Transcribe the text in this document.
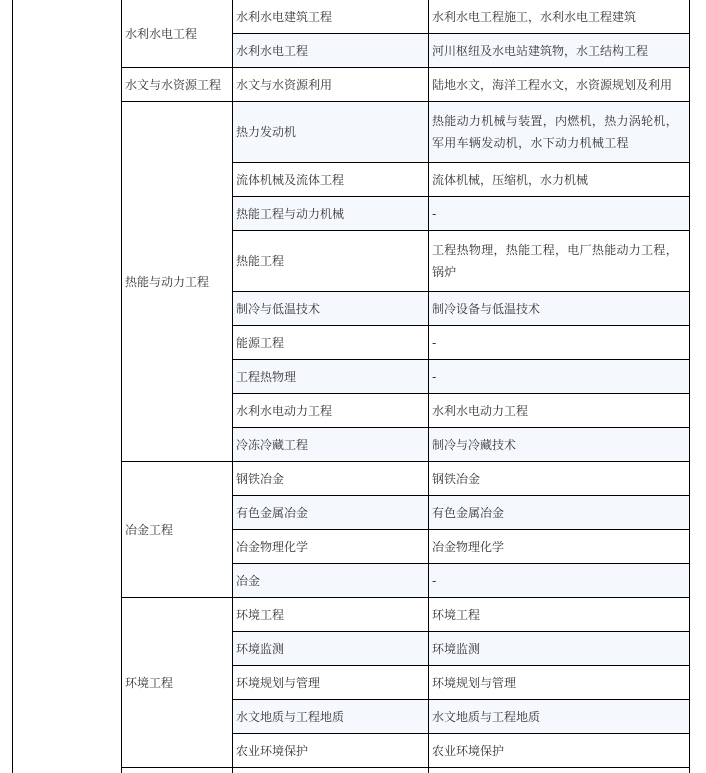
水利水电工程	水利水电建筑工程	水利水电工程施工，水利水电工程建筑
	水利水电工程	河川枢纽及水电站建筑物，水工结构工程
水文与水资源工程	水文与水资源利用	陆地水文，海洋工程水文，水资源规划及利用
热能与动力工程	热力发动机	热能动力机械与装置，内燃机，热力涡轮机，军用车辆发动机，水下动力机械工程
	流体机械及流体工程	流体机械，压缩机，水力机械
	热能工程与动力机械	-
	热能工程	工程热物理，热能工程，电厂热能动力工程，锅炉
	制冷与低温技术	制冷设备与低温技术
	能源工程	-
	工程热物理	-
	水利水电动力工程	水利水电动力工程
	冷冻冷藏工程	制冷与冷藏技术
冶金工程	钢铁冶金	钢铁冶金
	有色金属冶金	有色金属冶金
	冶金物理化学	冶金物理化学
	冶金	-
环境工程	环境工程	环境工程
	环境监测	环境监测
	环境规划与管理	环境规划与管理
	水文地质与工程地质	水文地质与工程地质
	农业环境保护	农业环境保护
